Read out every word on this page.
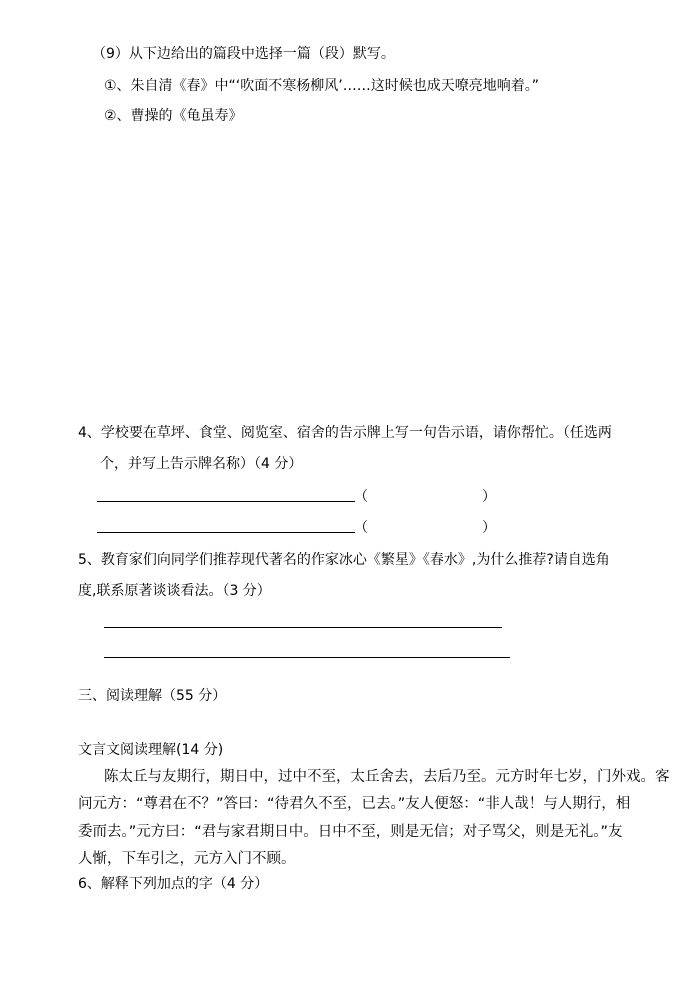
（9）从下边给出的篇段中选择一篇（段）默写。
①、朱自清《春》中“‘吹面不寒杨柳风’……这时候也成天嘹亮地响着。”
②、曹操的《龟虽寿》
4、学校要在草坪、食堂、阅览室、宿舍的告示牌上写一句告示语，请你帮忙。（任选两
个，并写上告示牌名称）（4 分）
（	）
（	）
5、教育家们向同学们推荐现代著名的作家冰心《繁星》《春水》,为什么推荐?请自选角
度,联系原著谈谈看法。（3 分）
三、阅读理解（55 分）
文言文阅读理解(14 分)
陈太丘与友期行，期日中，过中不至，太丘舍去，去后乃至。元方时年七岁，门外戏。客
问元方：“尊君在不？”答曰：“待君久不至，已去。”友人便怒：“非人哉！与人期行，相
委而去。”元方曰：“君与家君期日中。日中不至，则是无信；对子骂父，则是无礼。”友
人惭，下车引之，元方入门不顾。
6、解释下列加点的字（4 分）
